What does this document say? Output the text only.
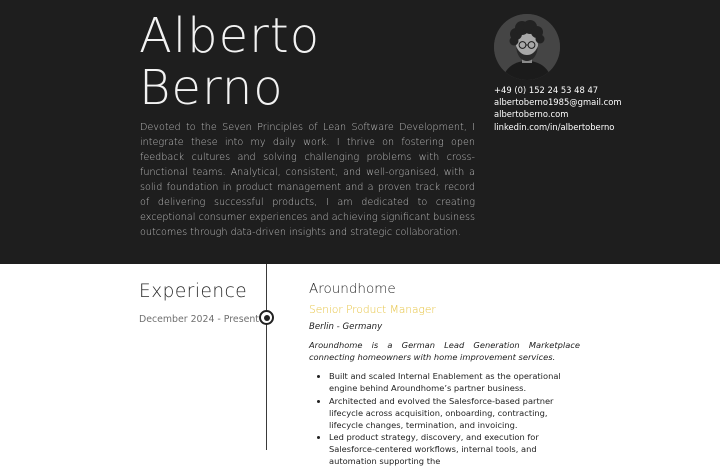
Alberto
Berno
Devoted to the Seven Principles of Lean Software Development, I integrate these into my daily work. I thrive on fostering open feedback cultures and solving challenging problems with cross-functional teams. Analytical, consistent, and well-organised, with a solid foundation in product management and a proven track record of delivering successful products, I am dedicated to creating exceptional consumer experiences and achieving significant business outcomes through data-driven insights and strategic collaboration.
+49 (0) 152 24 53 48 47
albertoberno1985@gmail.com
albertoberno.com
linkedin.com/in/albertoberno
Experience
December 2024 - Present
Aroundhome
Senior Product Manager
Berlin - Germany
Aroundhome is a German Lead Generation Marketplace connecting homeowners with home improvement services.
• Built and scaled Internal Enablement as the operational engine behind Aroundhome’s partner business.
• Architected and evolved the Salesforce-based partner lifecycle across acquisition, onboarding, contracting, lifecycle changes, termination, and invoicing.
• Led product strategy, discovery, and execution for Salesforce-centered workflows, internal tools, and automation supporting the
